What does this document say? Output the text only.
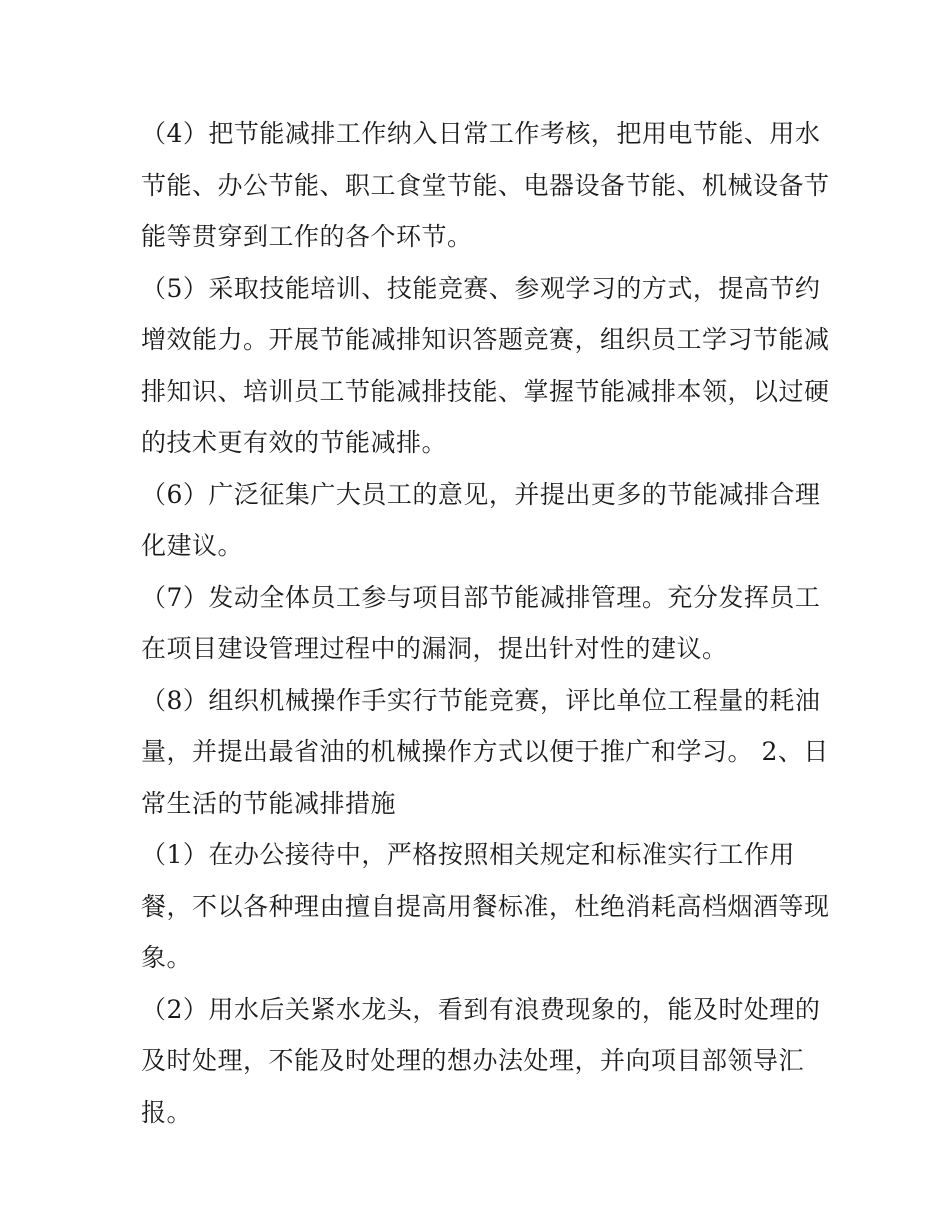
（4）把节能减排工作纳入日常工作考核，把用电节能、用水
节能、办公节能、职工食堂节能、电器设备节能、机械设备节
能等贯穿到工作的各个环节。
（5）采取技能培训、技能竞赛、参观学习的方式，提高节约
增效能力。开展节能减排知识答题竞赛，组织员工学习节能减
排知识、培训员工节能减排技能、掌握节能减排本领，以过硬
的技术更有效的节能减排。
（6）广泛征集广大员工的意见，并提出更多的节能减排合理
化建议。
（7）发动全体员工参与项目部节能减排管理。充分发挥员工
在项目建设管理过程中的漏洞，提出针对性的建议。
（8）组织机械操作手实行节能竞赛，评比单位工程量的耗油
量，并提出最省油的机械操作方式以便于推广和学习。 2、日
常生活的节能减排措施
（1）在办公接待中，严格按照相关规定和标准实行工作用
餐，不以各种理由擅自提高用餐标准，杜绝消耗高档烟酒等现
象。
（2）用水后关紧水龙头，看到有浪费现象的，能及时处理的
及时处理，不能及时处理的想办法处理，并向项目部领导汇
报。
